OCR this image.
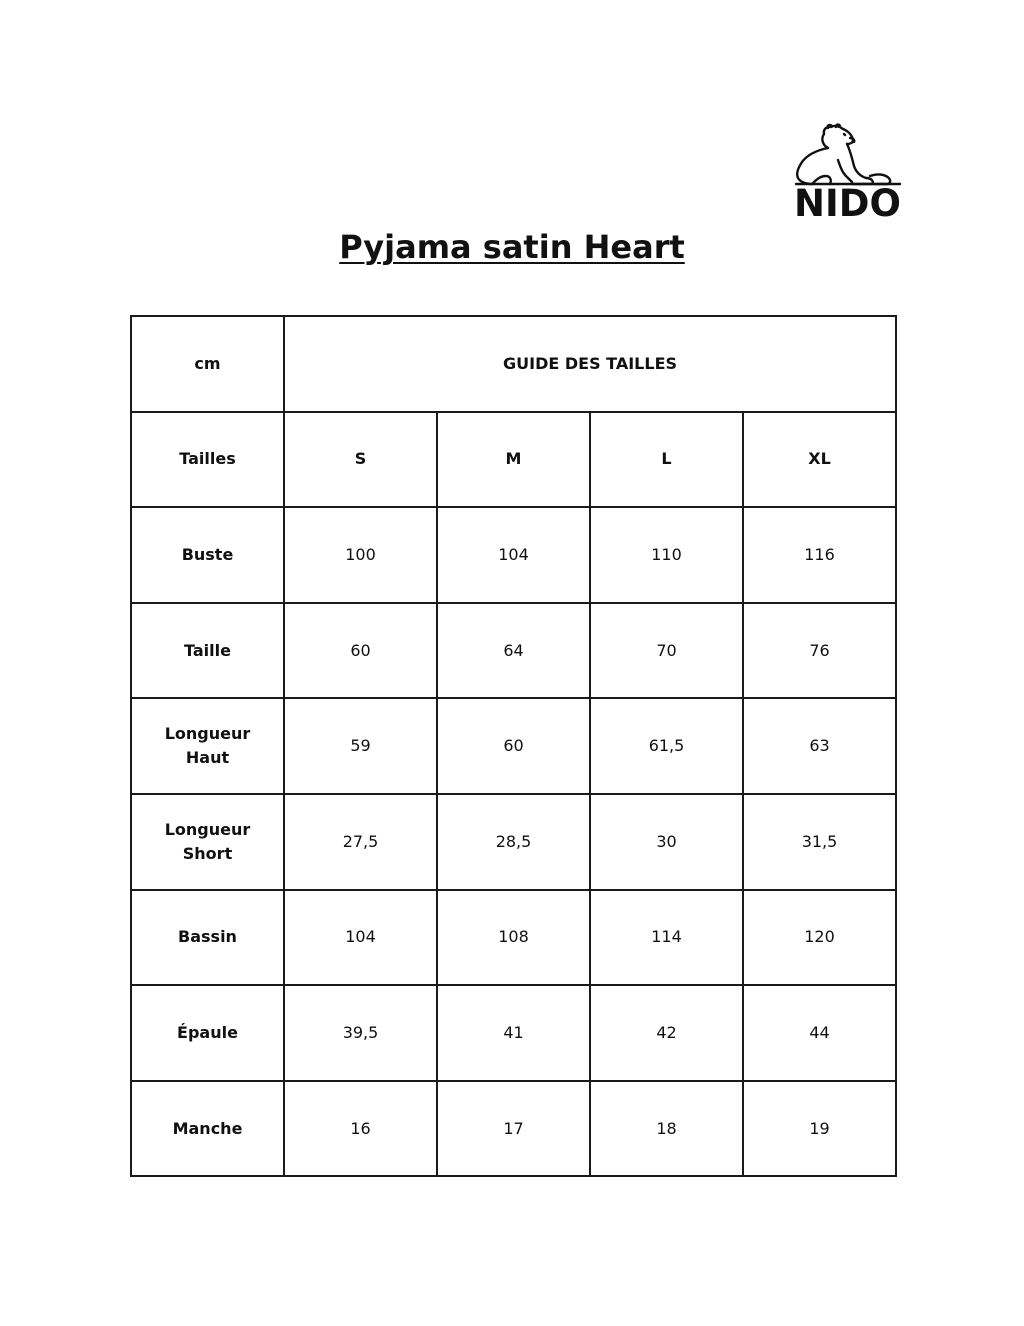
NIDO
Pyjama satin Heart
cm	GUIDE DES TAILLES			
Tailles	S	M	L	XL

Buste	100	104	110	116

Taille	60	64	70	76

Longueur
Haut	59	60	61,5	63

Longueur
Short	27,5	28,5	30	31,5

Bassin	104	108	114	120

Épaule	39,5	41	42	44

Manche	16	17	18	19
